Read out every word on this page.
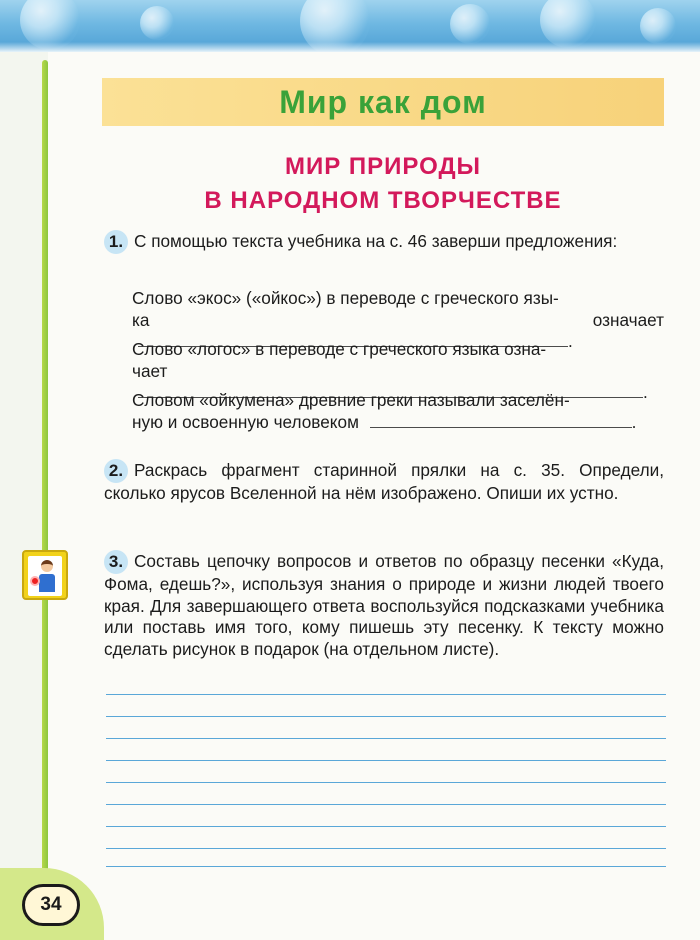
Мир как дом
МИР ПРИРОДЫ
В НАРОДНОМ ТВОРЧЕСТВЕ
1. С помощью текста учебника на с. 46 заверши предложения:
Слово «экос» («ойкос») в переводе с греческого язы-
ка означает .
Слово «логос» в переводе с греческого языка озна-
чает .
Словом «ойкумена» древние греки называли заселён-
ную и освоенную человеком	.
2. Раскрась фрагмент старинной прялки на с. 35. Определи, сколько ярусов Вселенной на нём изображено. Опиши их устно.
3. Составь цепочку вопросов и ответов по образцу песенки «Куда, Фома, едешь?», используя знания о природе и жизни людей твоего края. Для завершающего ответа воспользуйся подсказками учебника или поставь имя того, кому пишешь эту песенку. К тексту можно сделать рисунок в подарок (на отдельном листе).
34
